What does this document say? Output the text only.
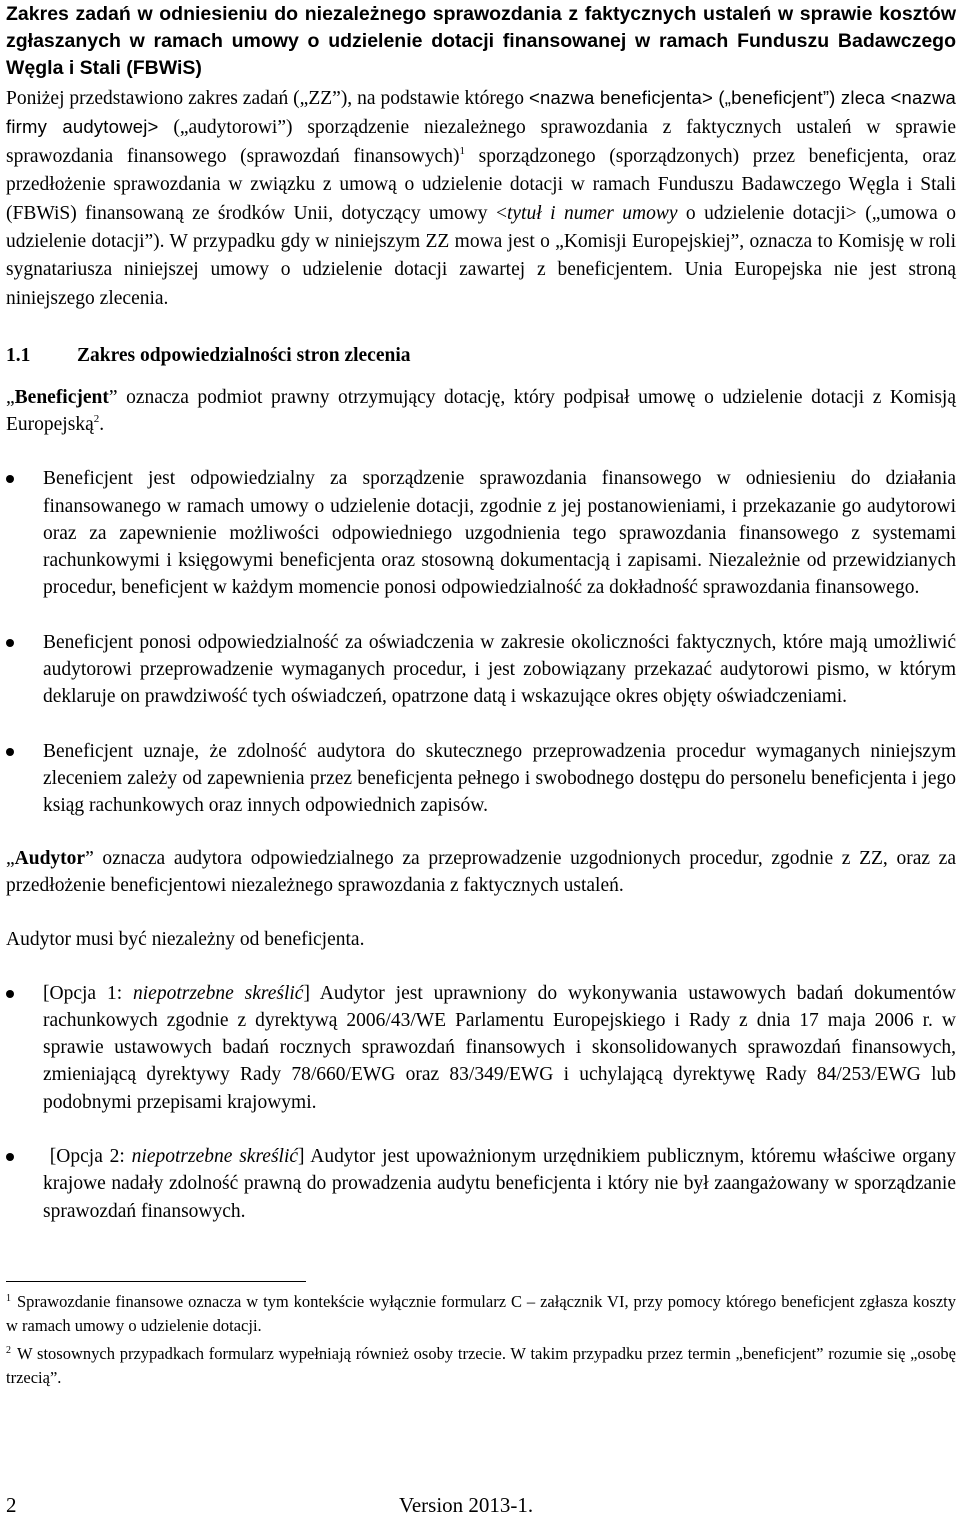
Zakres zadań w odniesieniu do niezależnego sprawozdania z faktycznych ustaleń w sprawie kosztów zgłaszanych w ramach umowy o udzielenie dotacji finansowanej w ramach Funduszu Badawczego Węgla i Stali (FBWiS)

Poniżej przedstawiono zakres zadań („ZZ”), na podstawie którego <nazwa beneficjenta> („beneficjent”) zleca <nazwa firmy audytowej> („audytorowi”) sporządzenie niezależnego sprawozdania z faktycznych ustaleń w sprawie sprawozdania finansowego (sprawozdań finansowych)$^1$ sporządzonego (sporządzonych) przez beneficjenta, oraz przedłożenie sprawozdania w związku z umową o udzielenie dotacji w ramach Funduszu Badawczego Węgla i Stali (FBWiS) finansowaną ze środków Unii, dotyczący umowy <tytuł i numer umowy o udzielenie dotacji> („umowa o udzielenie dotacji”). W przypadku gdy w niniejszym ZZ mowa jest o „Komisji Europejskiej”, oznacza to Komisję w roli sygnatariusza niniejszej umowy o udzielenie dotacji zawartej z beneficjentem. Unia Europejska nie jest stroną niniejszego zlecenia.

1.1 Zakres odpowiedzialności stron zlecenia

„Beneficjent” oznacza podmiot prawny otrzymujący dotację, który podpisał umowę o udzielenie dotacji z Komisją Europejską$^2$.

Beneficjent jest odpowiedzialny za sporządzenie sprawozdania finansowego w odniesieniu do działania finansowanego w ramach umowy o udzielenie dotacji, zgodnie z jej postanowieniami, i przekazanie go audytorowi oraz za zapewnienie możliwości odpowiedniego uzgodnienia tego sprawozdania finansowego z systemami rachunkowymi i księgowymi beneficjenta oraz stosowną dokumentacją i zapisami. Niezależnie od przewidzianych procedur, beneficjent w każdym momencie ponosi odpowiedzialność za dokładność sprawozdania finansowego.
Beneficjent ponosi odpowiedzialność za oświadczenia w zakresie okoliczności faktycznych, które mają umożliwić audytorowi przeprowadzenie wymaganych procedur, i jest zobowiązany przekazać audytorowi pismo, w którym deklaruje on prawdziwość tych oświadczeń, opatrzone datą i wskazujące okres objęty oświadczeniami.
Beneficjent uznaje, że zdolność audytora do skutecznego przeprowadzenia procedur wymaganych niniejszym zleceniem zależy od zapewnienia przez beneficjenta pełnego i swobodnego dostępu do personelu beneficjenta i jego ksiąg rachunkowych oraz innych odpowiednich zapisów.

„Audytor” oznacza audytora odpowiedzialnego za przeprowadzenie uzgodnionych procedur, zgodnie z ZZ, oraz za przedłożenie beneficjentowi niezależnego sprawozdania z faktycznych ustaleń.

Audytor musi być niezależny od beneficjenta.

[Opcja 1: niepotrzebne skreślić] Audytor jest uprawniony do wykonywania ustawowych badań dokumentów rachunkowych zgodnie z dyrektywą 2006/43/WE Parlamentu Europejskiego i Rady z dnia 17 maja 2006 r. w sprawie ustawowych badań rocznych sprawozdań finansowych i skonsolidowanych sprawozdań finansowych, zmieniającą dyrektywy Rady 78/660/EWG oraz 83/349/EWG i uchylającą dyrektywę Rady 84/253/EWG lub podobnymi przepisami krajowymi.
[Opcja 2: niepotrzebne skreślić] Audytor jest upoważnionym urzędnikiem publicznym, któremu właściwe organy krajowe nadały zdolność prawną do prowadzenia audytu beneficjenta i który nie był zaangażowany w sporządzanie sprawozdań finansowych.

$^1$ Sprawozdanie finansowe oznacza w tym kontekście wyłącznie formularz C – załącznik VI, przy pomocy którego beneficjent zgłasza koszty w ramach umowy o udzielenie dotacji.

$^2$ W stosownych przypadkach formularz wypełniają również osoby trzecie. W takim przypadku przez termin „beneficjent” rozumie się „osobę trzecią”.

2	Version 2013-1.
